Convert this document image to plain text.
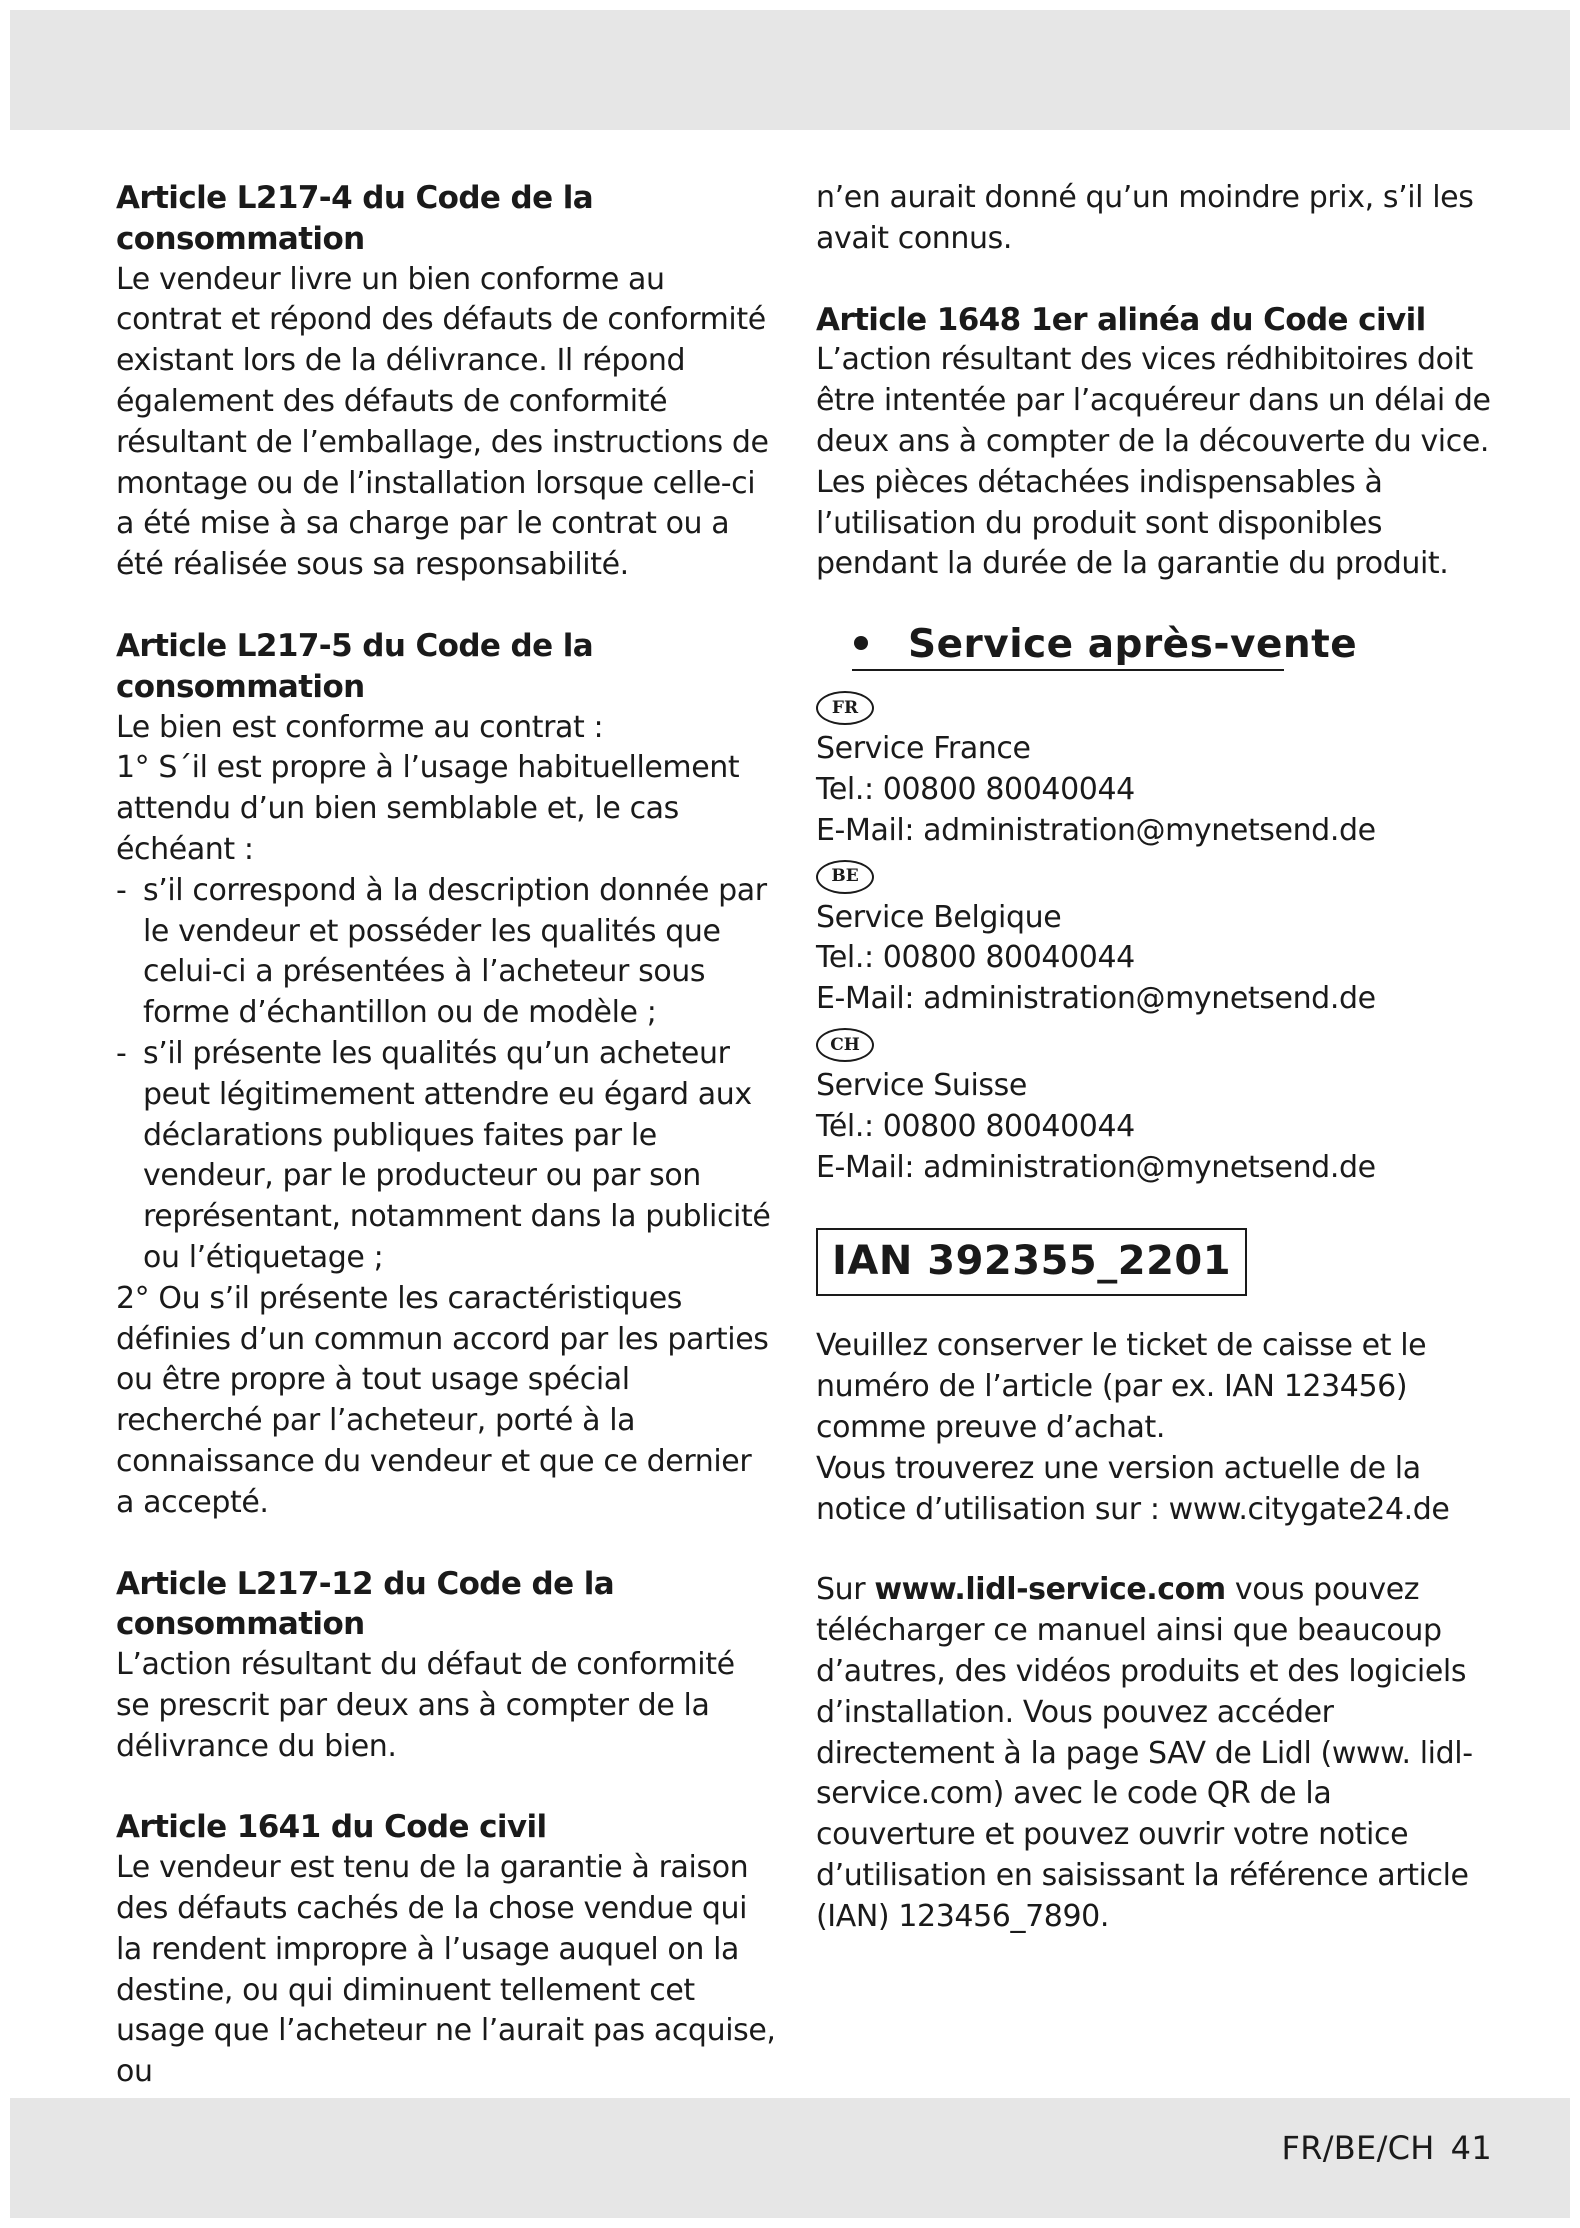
Article L217-4 du Code de la
consommation

Le vendeur livre un bien conforme au contrat et répond des défauts de conformité existant lors de la délivrance. Il répond également des défauts de conformité résultant de l’emballage, des instructions de montage ou de l’installation lorsque celle-ci a été mise à sa charge par le contrat ou a été réalisée sous sa responsabilité.

Article L217-5 du Code de la
consommation

Le bien est conforme au contrat :

1° S´il est propre à l’usage habituellement attendu d’un bien semblable et, le cas échéant :

- s’il correspond à la description donnée par le vendeur et posséder les qualités que celui-ci a présentées à l’acheteur sous forme d’échantillon ou de modèle ;
- s’il présente les qualités qu’un acheteur peut légitimement attendre eu égard aux déclarations publiques faites par le vendeur, par le producteur ou par son représentant, notamment dans la publicité ou l’étiquetage ;

2° Ou s’il présente les caractéristiques définies d’un commun accord par les parties ou être propre à tout usage spécial recherché par l’acheteur, porté à la connaissance du vendeur et que ce dernier a accepté.

Article L217-12 du Code de la
consommation

L’action résultant du défaut de conformité se prescrit par deux ans à compter de la délivrance du bien.

Article 1641 du Code civil

Le vendeur est tenu de la garantie à raison des défauts cachés de la chose vendue qui la rendent impropre à l’usage auquel on la destine, ou qui diminuent tellement cet usage que l’acheteur ne l’aurait pas acquise, ou

n’en aurait donné qu’un moindre prix, s’il les avait connus.

Article 1648 1er alinéa du Code civil

L’action résultant des vices rédhibitoires doit être intentée par l’acquéreur dans un délai de deux ans à compter de la découverte du vice.

Les pièces détachées indispensables à l’utilisation du produit sont disponibles pendant la durée de la garantie du produit.

Service après-vente
FR

Service France

Tel.: 00800 80040044

E-Mail: administration@mynetsend.de

BE

Service Belgique

Tel.: 00800 80040044

E-Mail: administration@mynetsend.de

CH

Service Suisse

Tél.: 00800 80040044

E-Mail: administration@mynetsend.de

IAN 392355_2201

Veuillez conserver le ticket de caisse et le numéro de l’article (par ex. IAN 123456) comme preuve d’achat.

Vous trouverez une version actuelle de la notice d’utilisation sur : www.citygate24.de

Sur www.lidl-service.com vous pouvez télécharger ce manuel ainsi que beaucoup d’autres, des vidéos produits et des logiciels d’installation. Vous pouvez accéder directement à la page SAV de Lidl (www. lidl-service.com) avec le code QR de la couverture et pouvez ouvrir votre notice d’utilisation en saisissant la référence article (IAN) 123456_7890.

FR/BE/CH 41
